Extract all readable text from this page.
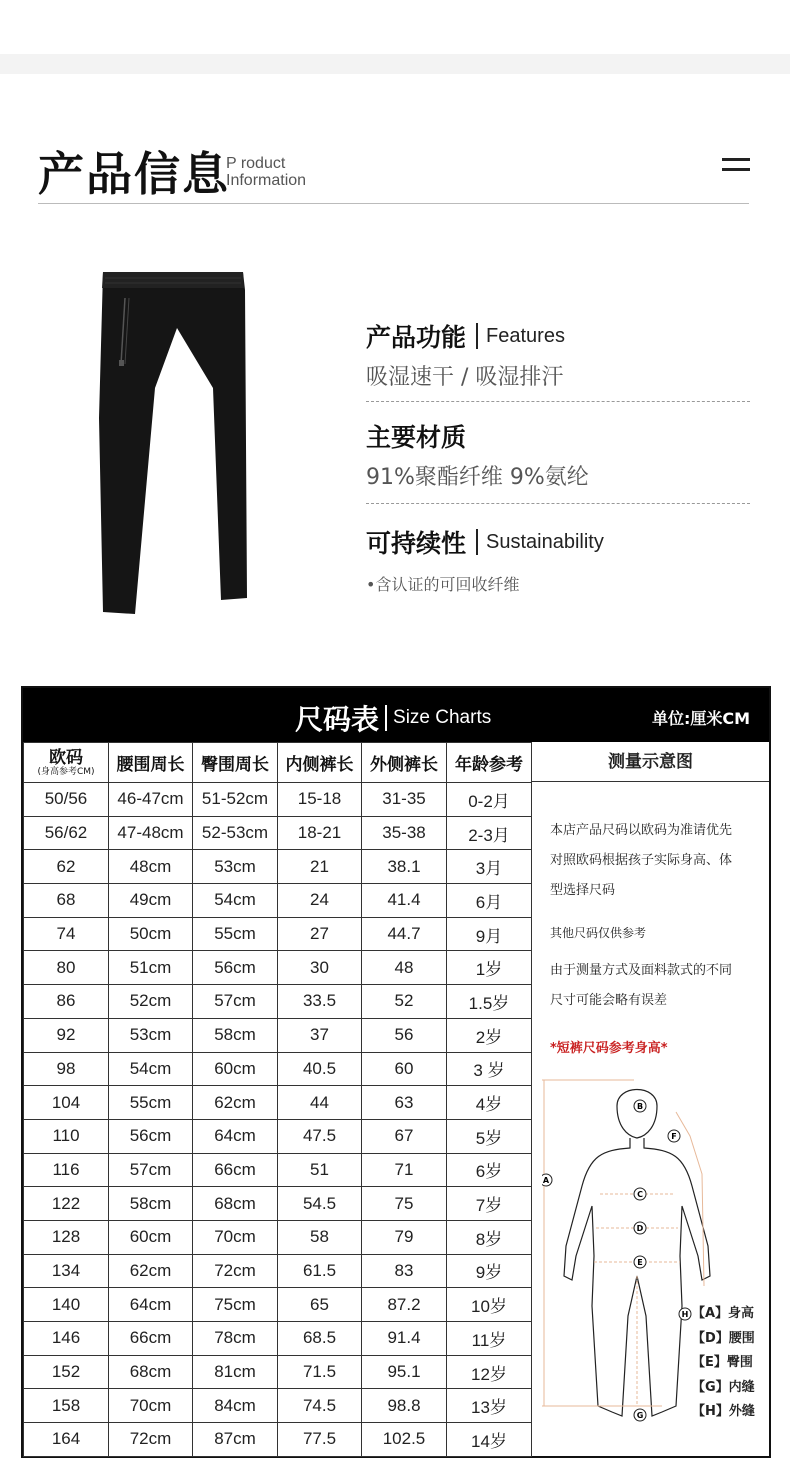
产品信息
P roduct
Information
产品功能 Features
吸湿速干 / 吸湿排汗
主要材质
91%聚酯纤维 9%氨纶
可持续性 Sustainability
•含认证的可回收纤维
尺码表 Size Charts	单位:厘米CM
欧码
(身高参考CM)	腰围周长	臀围周长	内侧裤长	外侧裤长	年龄参考
50/56	46-47cm	51-52cm	15-18	31-35	0-2月
56/62	47-48cm	52-53cm	18-21	35-38	2-3月
62	48cm	53cm	21	38.1	3月
68	49cm	54cm	24	41.4	6月
74	50cm	55cm	27	44.7	9月
80	51cm	56cm	30	48	1岁
86	52cm	57cm	33.5	52	1.5岁
92	53cm	58cm	37	56	2岁
98	54cm	60cm	40.5	60	3 岁
104	55cm	62cm	44	63	4岁
110	56cm	64cm	47.5	67	5岁
116	57cm	66cm	51	71	6岁
122	58cm	68cm	54.5	75	7岁
128	60cm	70cm	58	79	8岁
134	62cm	72cm	61.5	83	9岁
140	64cm	75cm	65	87.2	10岁
146	66cm	78cm	68.5	91.4	11岁
152	68cm	81cm	71.5	95.1	12岁
158	70cm	84cm	74.5	98.8	13岁
164	72cm	87cm	77.5	102.5	14岁
测量示意图

本店产品尺码以欧码为准请优先

对照欧码根据孩子实际身高、体

型选择尺码

其他尺码仅供参考

由于测量方式及面料款式的不同

尺寸可能会略有误差

*短裤尺码参考身高*

A
B
C
D
E
F
G
H 【A】身高
【D】腰围
【E】臀围
【G】内缝
【H】外缝
